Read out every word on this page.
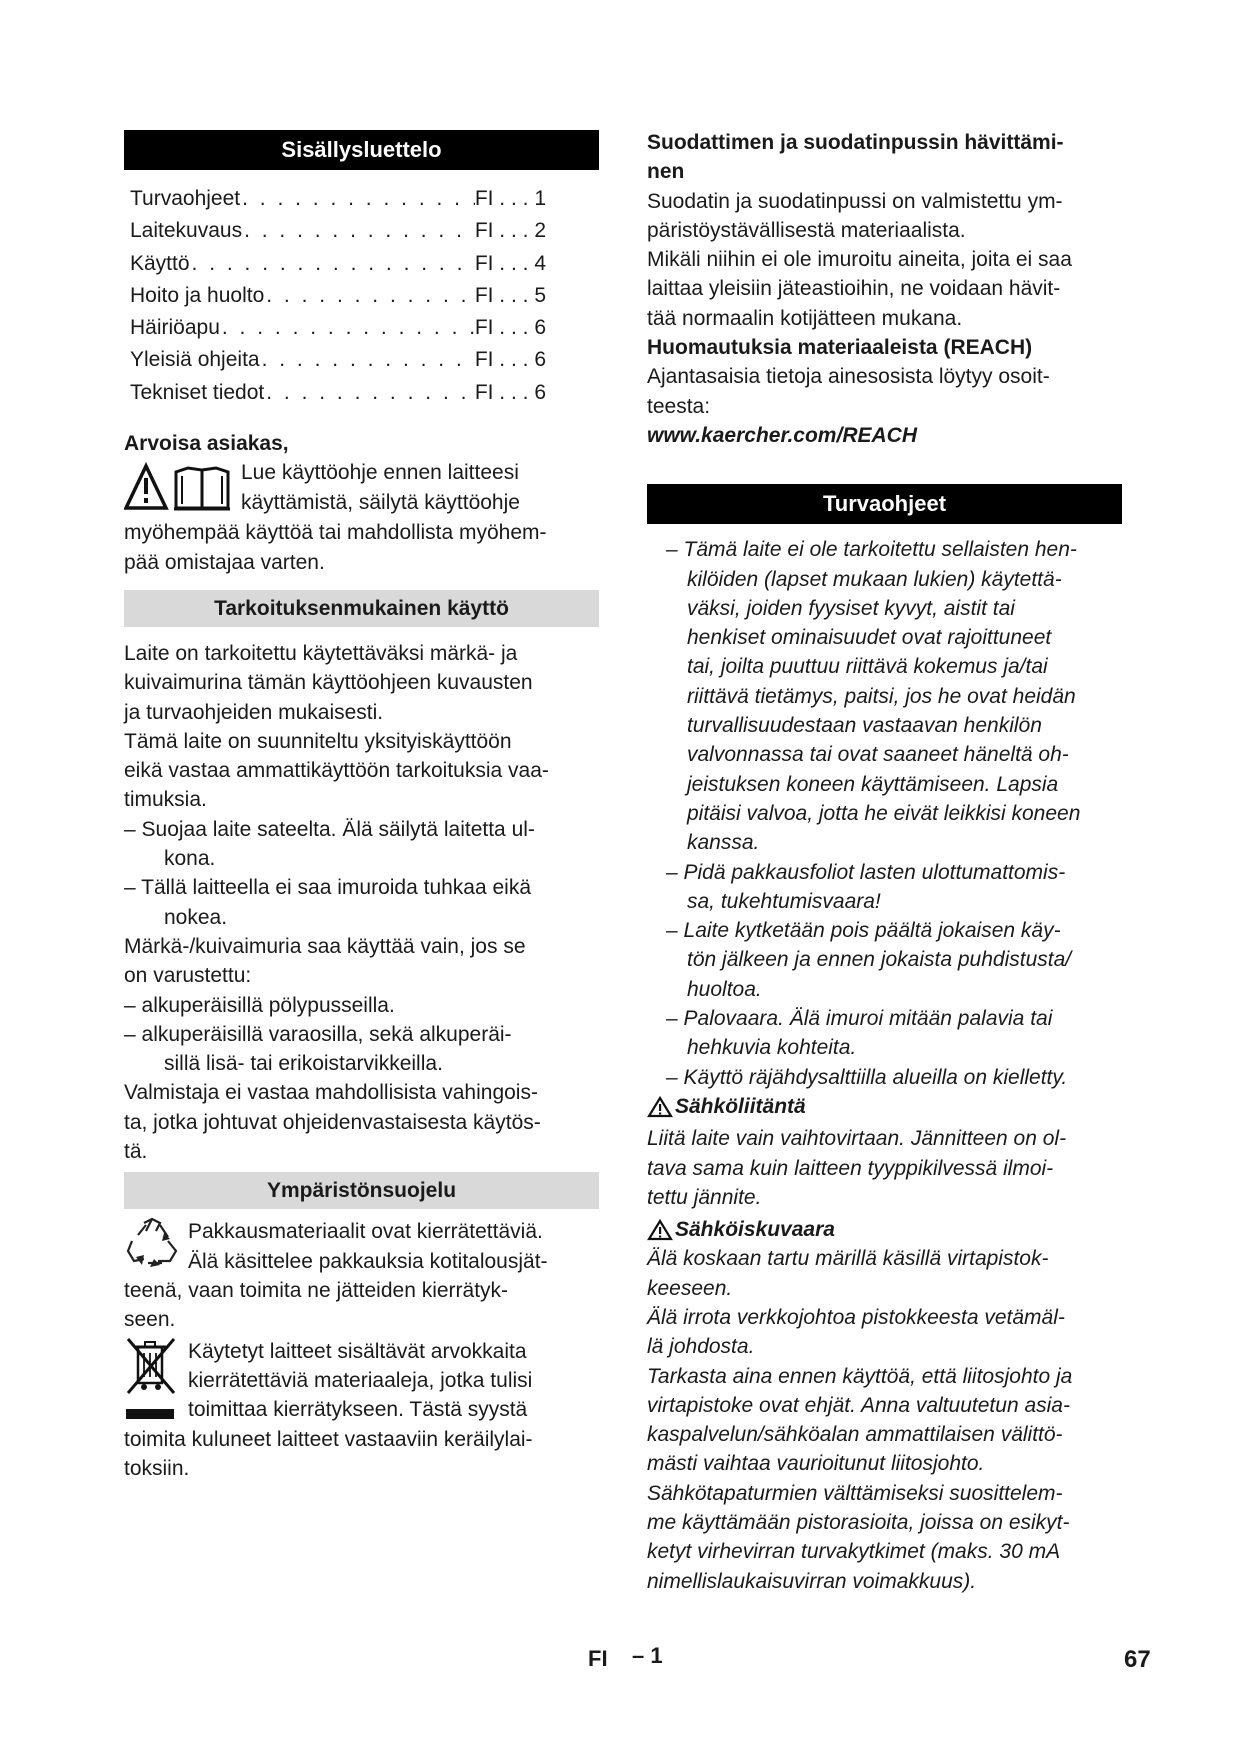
Sisällysluettelo
Turvaohjeet . . .	FI . . . 1
Laitekuvaus . . .	FI . . . 2
Käyttö . . .	FI . . . 4
Hoito ja huolto . . .	FI . . . 5
Häiriöapu . . .	FI . . . 6
Yleisiä ohjeita . . .	FI . . . 6
Tekniset tiedot . . .	FI . . . 6

Arvoisa asiakas,

Lue käyttöohje ennen laitteesi

käyttämistä, säilytä käyttöohje

myöhempää käyttöä tai mahdollista myöhem-

pää omistajaa varten.

Tarkoituksenmukainen käyttö

Laite on tarkoitettu käytettäväksi märkä- ja

kuivaimurina tämän käyttöohjeen kuvausten

ja turvaohjeiden mukaisesti.

Tämä laite on suunniteltu yksityiskäyttöön

eikä vastaa ammattikäyttöön tarkoituksia vaa-

timuksia.

– Suojaa laite sateelta. Älä säilytä laitetta ul-
kona.

– Tällä laitteella ei saa imuroida tuhkaa eikä
nokea.

Märkä-/kuivaimuria saa käyttää vain, jos se

on varustettu:

– alkuperäisillä pölypusseilla.

– alkuperäisillä varaosilla, sekä alkuperäi-
sillä lisä- tai erikoistarvikkeilla.

Valmistaja ei vastaa mahdollisista vahingois-

ta, jotka johtuvat ohjeidenvastaisesta käytös-

tä.

Ympäristönsuojelu

Pakkausmateriaalit ovat kierrätettäviä.

Älä käsittelee pakkauksia kotitalousjät-

teenä, vaan toimita ne jätteiden kierrätyk-

seen.

Käytetyt laitteet sisältävät arvokkaita

kierrätettäviä materiaaleja, jotka tulisi

toimittaa kierrätykseen. Tästä syystä

toimita kuluneet laitteet vastaaviin keräilylai-

toksiin.

Suodattimen ja suodatinpussin hävittämi-

nen

Suodatin ja suodatinpussi on valmistettu ym-

päristöystävällisestä materiaalista.

Mikäli niihin ei ole imuroitu aineita, joita ei saa

laittaa yleisiin jäteastioihin, ne voidaan hävit-

tää normaalin kotijätteen mukana.

Huomautuksia materiaaleista (REACH)

Ajantasaisia tietoja ainesosista löytyy osoit-

teesta:

www.kaercher.com/REACH

Turvaohjeet

– Tämä laite ei ole tarkoitettu sellaisten hen-
kilöiden (lapset mukaan lukien) käytettä-
väksi, joiden fyysiset kyvyt, aistit tai
henkiset ominaisuudet ovat rajoittuneet
tai, joilta puuttuu riittävä kokemus ja/tai
riittävä tietämys, paitsi, jos he ovat heidän
turvallisuudestaan vastaavan henkilön
valvonnassa tai ovat saaneet häneltä oh-
jeistuksen koneen käyttämiseen. Lapsia
pitäisi valvoa, jotta he eivät leikkisi koneen
kanssa.

– Pidä pakkausfoliot lasten ulottumattomis-
sa, tukehtumisvaara!

– Laite kytketään pois päältä jokaisen käy-
tön jälkeen ja ennen jokaista puhdistusta/
huoltoa.

– Palovaara. Älä imuroi mitään palavia tai
hehkuvia kohteita.

– Käyttö räjähdysalttiilla alueilla on kielletty.

Sähköliitäntä

Liitä laite vain vaihtovirtaan. Jännitteen on ol-

tava sama kuin laitteen tyyppikilvessä ilmoi-

tettu jännite.

Sähköiskuvaara

Älä koskaan tartu märillä käsillä virtapistok-

keeseen.

Älä irrota verkkojohtoa pistokkeesta vetämäl-

lä johdosta.

Tarkasta aina ennen käyttöä, että liitosjohto ja

virtapistoke ovat ehjät. Anna valtuutetun asia-

kaspalvelun/sähköalan ammattilaisen välittö-

mästi vaihtaa vaurioitunut liitosjohto.

Sähkötapaturmien välttämiseksi suosittelem-

me käyttämään pistorasioita, joissa on esikyt-

ketyt virhevirran turvakytkimet (maks. 30 mA

nimellislaukaisuvirran voimakkuus).

FI – 1	67
